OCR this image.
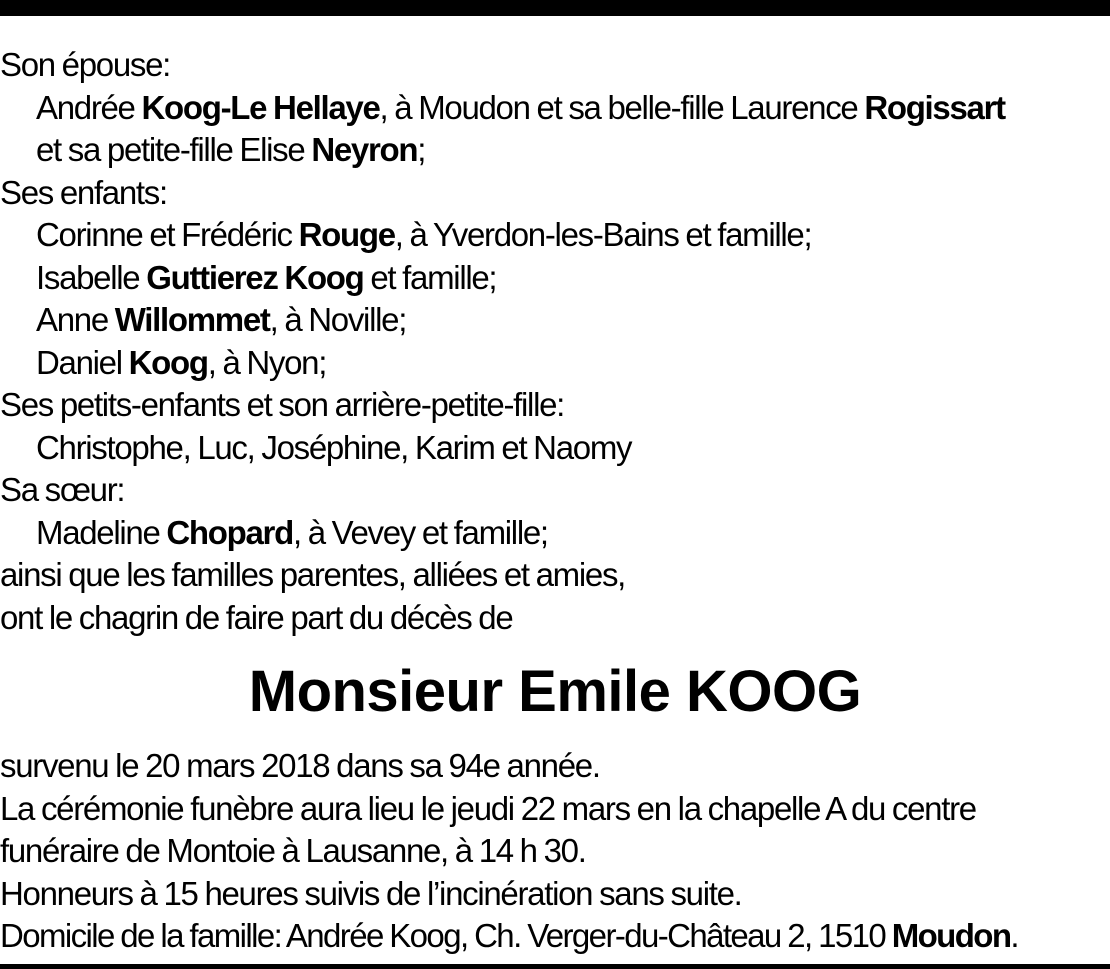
Son épouse:
Andrée Koog-Le Hellaye, à Moudon et sa belle-fille Laurence Rogissart
et sa petite-fille Elise Neyron;
Ses enfants:
Corinne et Frédéric Rouge, à Yverdon-les-Bains et famille;
Isabelle Guttierez Koog et famille;
Anne Willommet, à Noville;
Daniel Koog, à Nyon;
Ses petits-enfants et son arrière-petite-fille:
Christophe, Luc, Joséphine, Karim et Naomy
Sa sœur:
Madeline Chopard, à Vevey et famille;
ainsi que les familles parentes, alliées et amies,
ont le chagrin de faire part du décès de
Monsieur Emile KOOG
survenu le 20 mars 2018 dans sa 94e année.
La cérémonie funèbre aura lieu le jeudi 22 mars en la chapelle A du centre
funéraire de Montoie à Lausanne, à 14 h 30.
Honneurs à 15 heures suivis de l’incinération sans suite.
Domicile de la famille: Andrée Koog, Ch. Verger-du-Château 2, 1510 Moudon.
